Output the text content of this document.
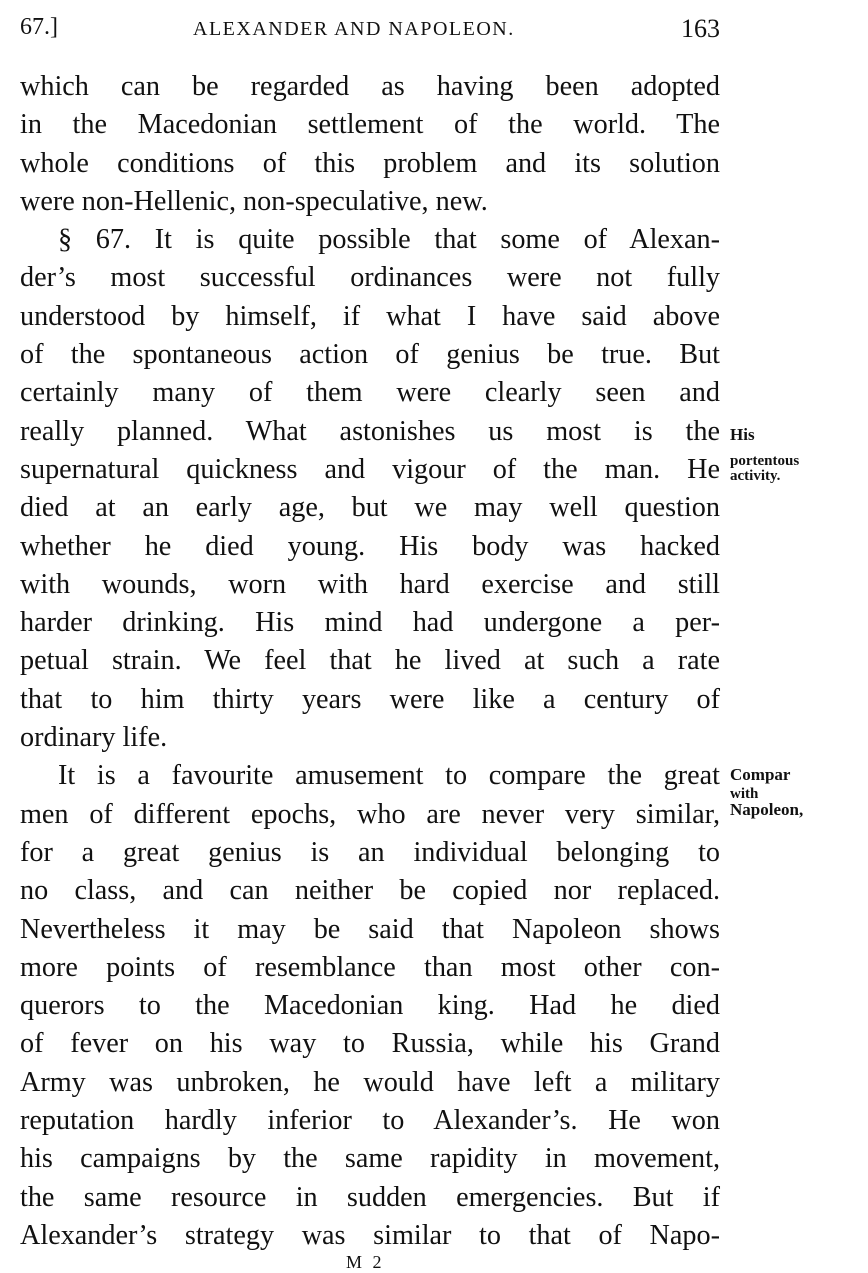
67.]	ALEXANDER AND NAPOLEON.	163
which can be regarded as having been adopted
in the Macedonian settlement of the world. The
whole conditions of this problem and its solution
were non-Hellenic, non-speculative, new.
§ 67. It is quite possible that some of Alexan-
der’s most successful ordinances were not fully
understood by himself, if what I have said above
of the spontaneous action of genius be true. But
certainly many of them were clearly seen and
really planned. What astonishes us most is the
supernatural quickness and vigour of the man. He
died at an early age, but we may well question
whether he died young. His body was hacked
with wounds, worn with hard exercise and still
harder drinking. His mind had undergone a per-
petual strain. We feel that he lived at such a rate
that to him thirty years were like a century of
ordinary life.
It is a favourite amusement to compare the great
men of different epochs, who are never very similar,
for a great genius is an individual belonging to
no class, and can neither be copied nor replaced.
Nevertheless it may be said that Napoleon shows
more points of resemblance than most other con-
querors to the Macedonian king. Had he died
of fever on his way to Russia, while his Grand
Army was unbroken, he would have left a military
reputation hardly inferior to Alexander’s. He won
his campaigns by the same rapidity in movement,
the same resource in sudden emergencies. But if
Alexander’s strategy was similar to that of Napo-
His
portentous
activity.
Compar
with
Napoleon,
M 2
